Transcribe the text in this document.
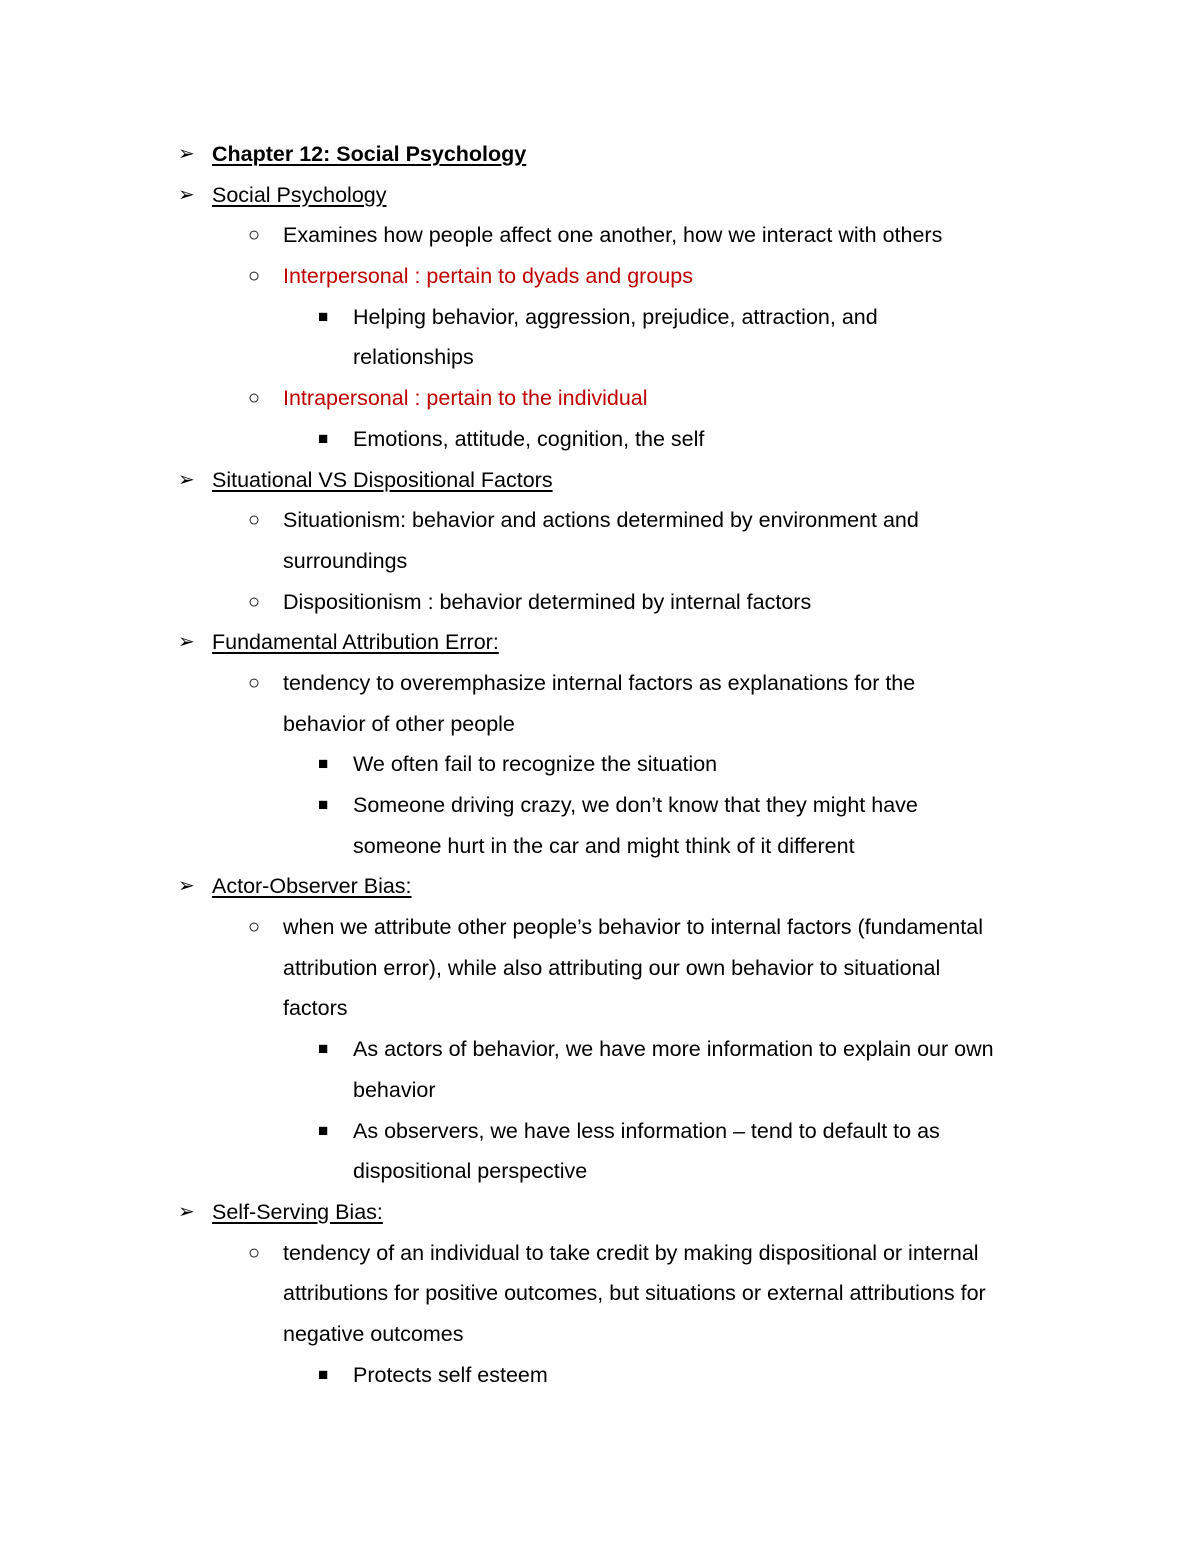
➢ Chapter 12: Social Psychology
➢ Social Psychology
○ Examines how people affect one another, how we interact with others
○ Interpersonal : pertain to dyads and groups
■ Helping behavior, aggression, prejudice, attraction, and
relationships
○ Intrapersonal : pertain to the individual
■ Emotions, attitude, cognition, the self
➢ Situational VS Dispositional Factors
○ Situationism: behavior and actions determined by environment and
surroundings
○ Dispositionism : behavior determined by internal factors
➢ Fundamental Attribution Error:
○ tendency to overemphasize internal factors as explanations for the
behavior of other people
■ We often fail to recognize the situation
■ Someone driving crazy, we don’t know that they might have
someone hurt in the car and might think of it different
➢ Actor-Observer Bias:
○ when we attribute other people’s behavior to internal factors (fundamental
attribution error), while also attributing our own behavior to situational
factors
■ As actors of behavior, we have more information to explain our own
behavior
■ As observers, we have less information – tend to default to as
dispositional perspective
➢ Self-Serving Bias:
○ tendency of an individual to take credit by making dispositional or internal
attributions for positive outcomes, but situations or external attributions for
negative outcomes
■ Protects self esteem
